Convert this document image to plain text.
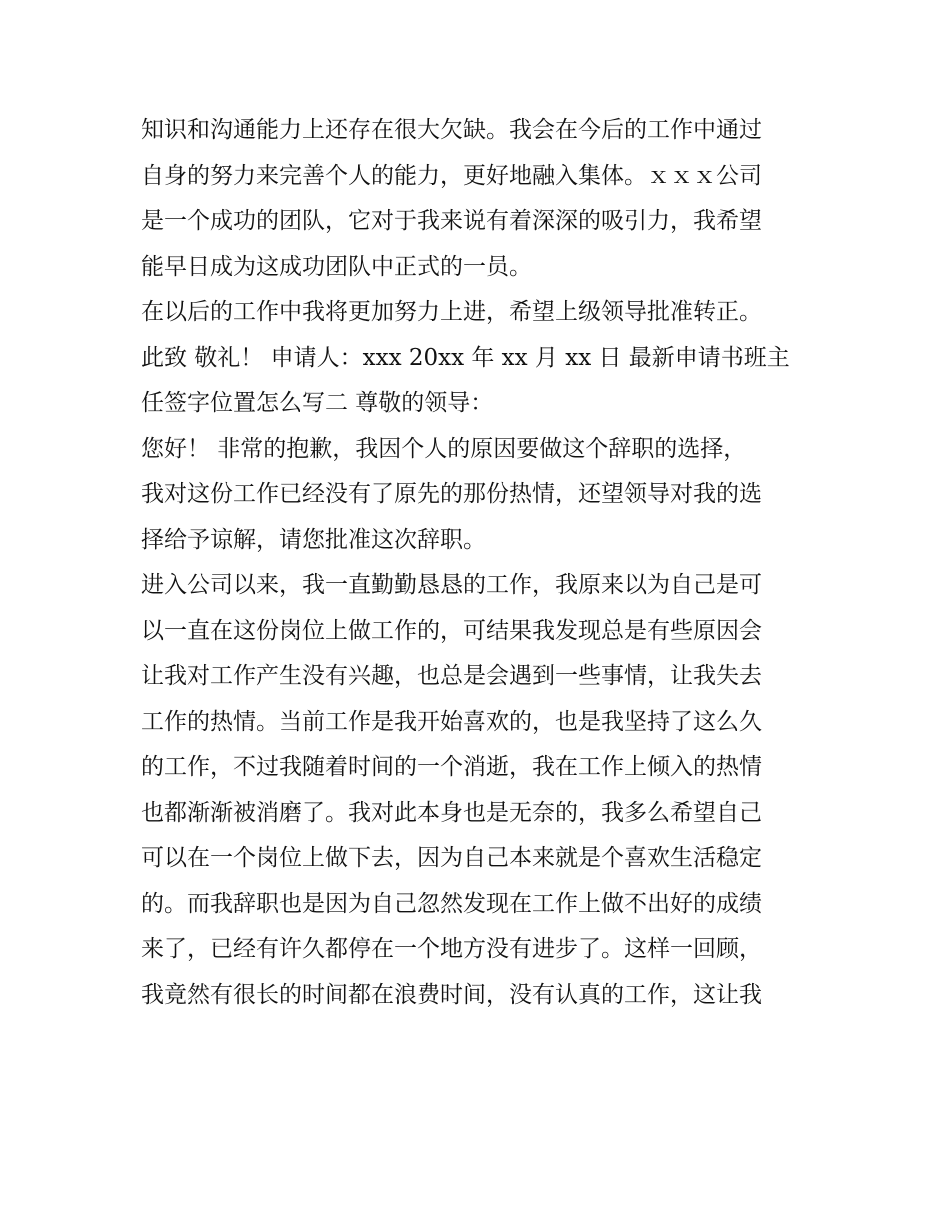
知识和沟通能力上还存在很大欠缺。我会在今后的工作中通过
自身的努力来完善个人的能力，更好地融入集体。ｘｘｘ公司
是一个成功的团队，它对于我来说有着深深的吸引力，我希望
能早日成为这成功团队中正式的一员。
在以后的工作中我将更加努力上进，希望上级领导批准转正。
此致 敬礼！ 申请人：xxx 20xx 年 xx 月 xx 日 最新申请书班主
任签字位置怎么写二 尊敬的领导：
您好！ 非常的抱歉，我因个人的原因要做这个辞职的选择，
我对这份工作已经没有了原先的那份热情，还望领导对我的选
择给予谅解，请您批准这次辞职。
进入公司以来，我一直勤勤恳恳的工作，我原来以为自己是可
以一直在这份岗位上做工作的，可结果我发现总是有些原因会
让我对工作产生没有兴趣，也总是会遇到一些事情，让我失去
工作的热情。当前工作是我开始喜欢的，也是我坚持了这么久
的工作，不过我随着时间的一个消逝，我在工作上倾入的热情
也都渐渐被消磨了。我对此本身也是无奈的，我多么希望自己
可以在一个岗位上做下去，因为自己本来就是个喜欢生活稳定
的。而我辞职也是因为自己忽然发现在工作上做不出好的成绩
来了，已经有许久都停在一个地方没有进步了。这样一回顾，
我竟然有很长的时间都在浪费时间，没有认真的工作，这让我
